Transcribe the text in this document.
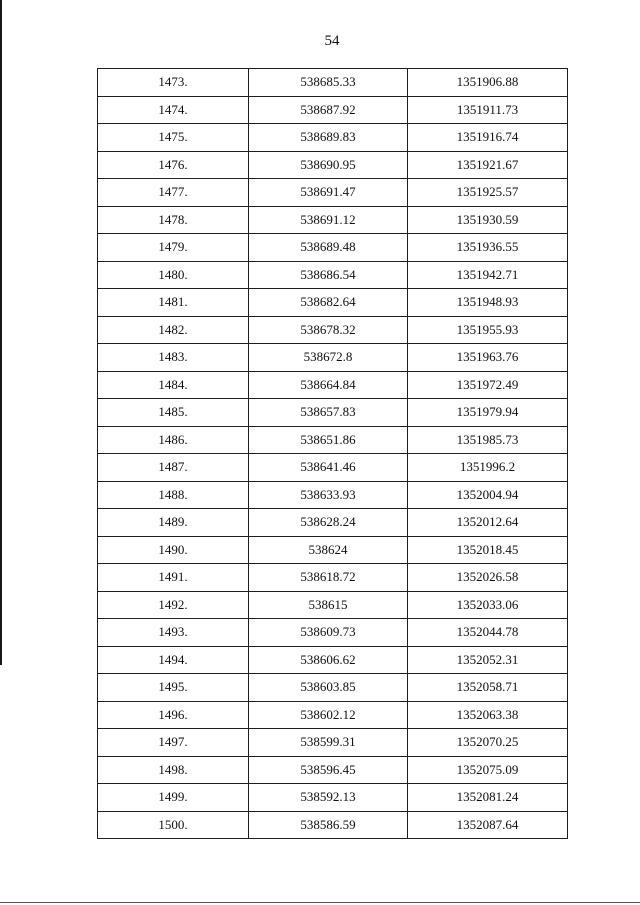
54
1473.	538685.33	1351906.88
1474.	538687.92	1351911.73
1475.	538689.83	1351916.74
1476.	538690.95	1351921.67
1477.	538691.47	1351925.57
1478.	538691.12	1351930.59
1479.	538689.48	1351936.55
1480.	538686.54	1351942.71
1481.	538682.64	1351948.93
1482.	538678.32	1351955.93
1483.	538672.8	1351963.76
1484.	538664.84	1351972.49
1485.	538657.83	1351979.94
1486.	538651.86	1351985.73
1487.	538641.46	1351996.2
1488.	538633.93	1352004.94
1489.	538628.24	1352012.64
1490.	538624	1352018.45
1491.	538618.72	1352026.58
1492.	538615	1352033.06
1493.	538609.73	1352044.78
1494.	538606.62	1352052.31
1495.	538603.85	1352058.71
1496.	538602.12	1352063.38
1497.	538599.31	1352070.25
1498.	538596.45	1352075.09
1499.	538592.13	1352081.24
1500.	538586.59	1352087.64
